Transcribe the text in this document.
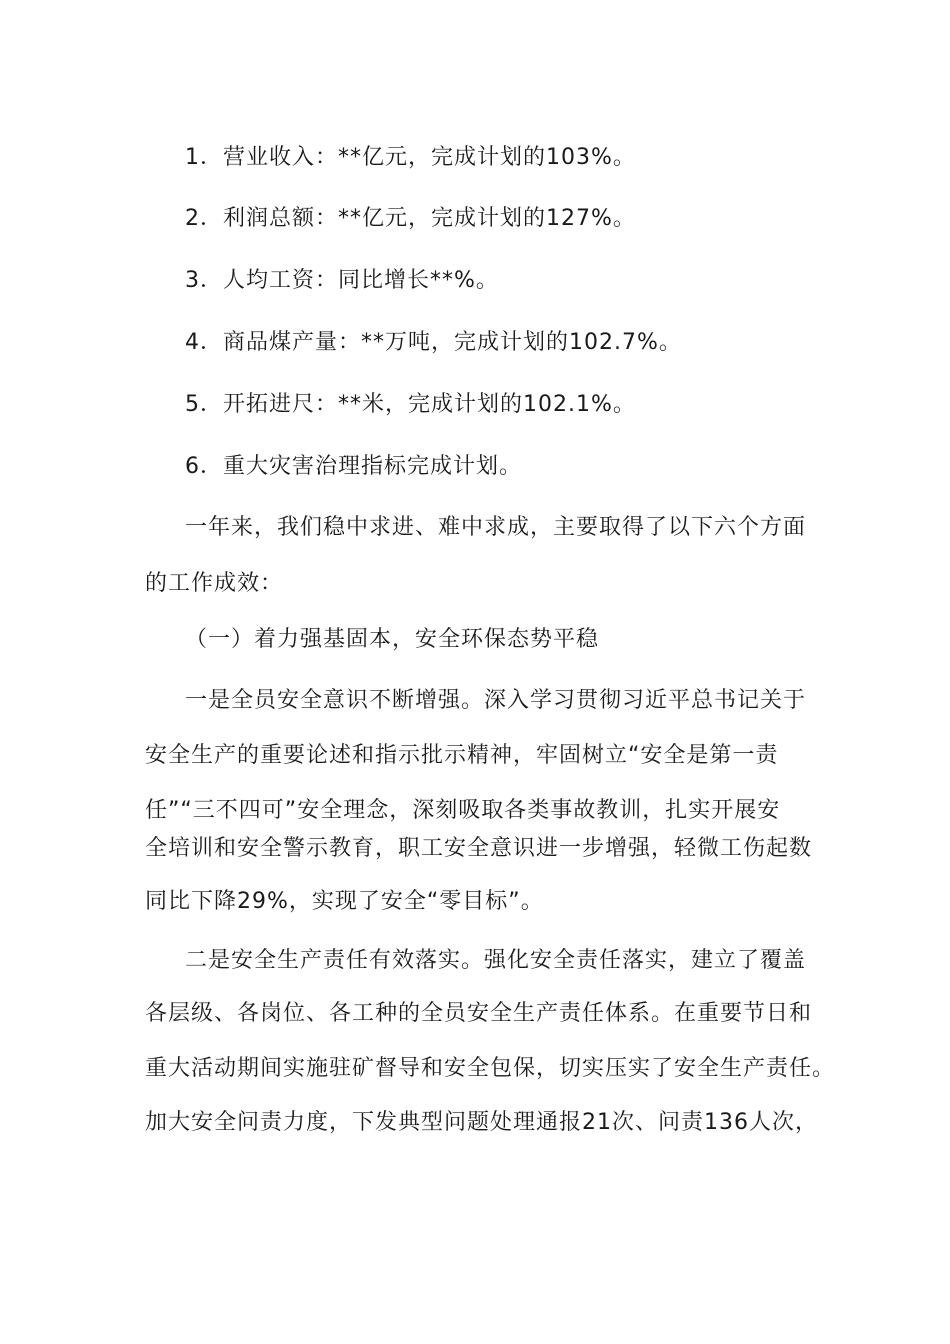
1．营业收入：**亿元，完成计划的103%。
2．利润总额：**亿元，完成计划的127%。
3．人均工资：同比增长**%。
4．商品煤产量：**万吨，完成计划的102.7%。
5．开拓进尺：**米，完成计划的102.1%。
6．重大灾害治理指标完成计划。
一年来，我们稳中求进、难中求成，主要取得了以下六个方面
的工作成效：
（一）着力强基固本，安全环保态势平稳
一是全员安全意识不断增强。深入学习贯彻习近平总书记关于
安全生产的重要论述和指示批示精神，牢固树立“安全是第一责
任”“三不四可”安全理念，深刻吸取各类事故教训，扎实开展安
全培训和安全警示教育，职工安全意识进一步增强，轻微工伤起数
同比下降29%，实现了安全“零目标”。
二是安全生产责任有效落实。强化安全责任落实，建立了覆盖
各层级、各岗位、各工种的全员安全生产责任体系。在重要节日和
重大活动期间实施驻矿督导和安全包保，切实压实了安全生产责任。
加大安全问责力度，下发典型问题处理通报21次、问责136人次，
